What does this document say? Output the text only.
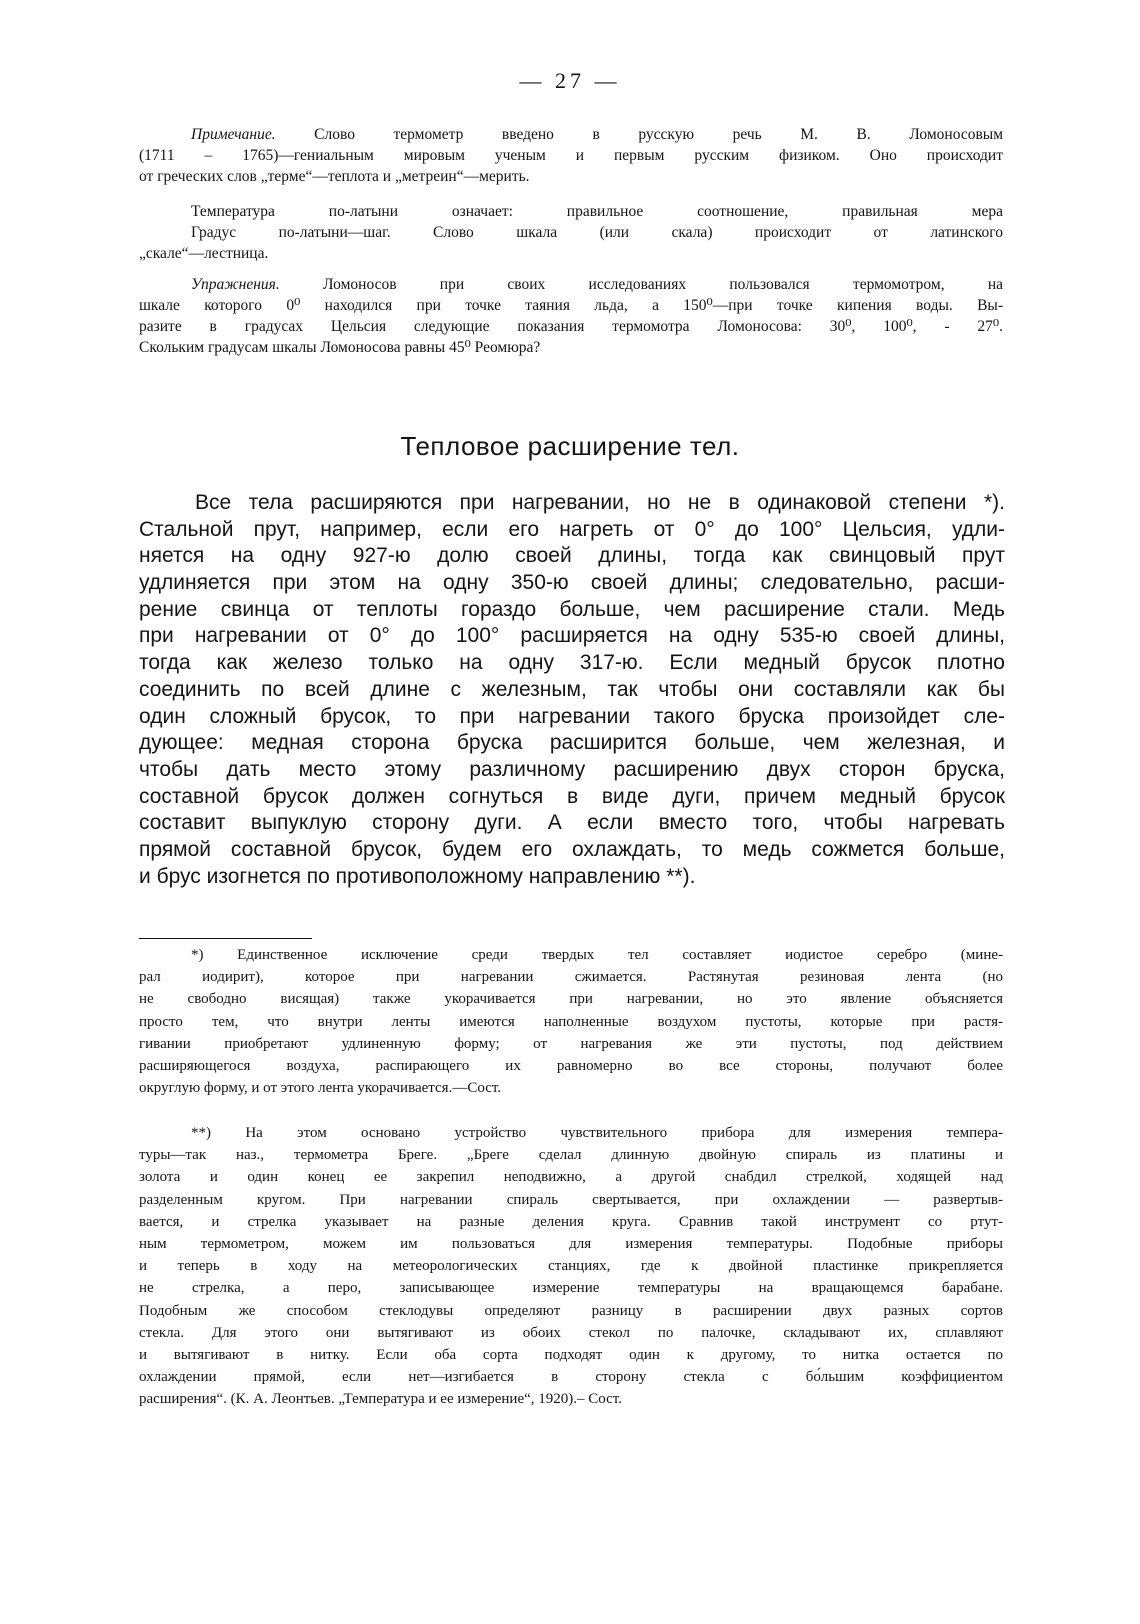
— 27 —
Примечание. Слово термометр введено в русскую речь М. В. Ломоносовым
(1711 – 1765)—гениальным мировым ученым и первым русским физиком. Оно происходит
от греческих слов „терме“—теплота и „метреин“—мерить.
Температура по-латыни означает: правильное соотношение, правильная мера
Градус по-латыни—шаг. Слово шкала (или скала) происходит от латинского
„скале“—лестница.
Упражнения.	Ломоносов при своих исследованиях пользовался термомотром, на
шкале которого 0⁰ находился при точке таяния льда, а 150⁰—при точке кипения воды. Вы-
разите в градусах Цельсия следующие показания термомотра Ломоносова: 30⁰, 100⁰, - 27⁰.
Скольким градусам шкалы Ломоносова равны 45⁰ Реомюра?
Тепловое расширение тел.
Все тела расширяются при нагревании, но не в одинаковой степени *).
Стальной прут, например, если его нагреть от 0° до 100° Цельсия, удли-
няется на одну 927-ю долю своей длины, тогда как свинцовый прут
удлиняется при этом на одну 350-ю своей длины; следовательно, расши-
рение свинца от теплоты гораздо больше, чем расширение стали. Медь
при нагревании от 0° до 100° расширяется на одну 535-ю своей длины,
тогда как железо только на одну 317-ю. Если медный брусок плотно
соединить по всей длине с железным, так чтобы они составляли как бы
один сложный брусок, то при нагревании такого бруска произойдет сле-
дующее: медная сторона бруска расширится больше, чем железная, и
чтобы дать место этому различному расширению двух сторон бруска,
составной брусок должен согнуться в виде дуги, причем медный брусок
составит выпуклую сторону дуги. А если вместо того, чтобы нагревать
прямой составной брусок, будем его охлаждать, то медь сожмется больше,
и брус изогнется по противоположному направлению **).
*) Единственное исключение среди твердых тел составляет иодистое серебро (мине-
рал иодирит), которое при нагревании сжимается. Растянутая резиновая лента (но
не свободно висящая) также укорачивается при нагревании, но это явление объясняется
просто тем, что внутри ленты имеются наполненные воздухом пустоты, которые при растя-
гивании приобретают удлиненную форму; от нагревания же эти пустоты, под действием
расширяющегося воздуха, распирающего их равномерно во все стороны, получают более
округлую форму, и от этого лента укорачивается.—Сост.
**) На этом основано устройство чувствительного прибора для измерения темпера-
туры—так наз., термометра Бреге. „Бреге сделал длинную двойную спираль из платины и
золота и один конец ее закрепил неподвижно, а другой снабдил стрелкой, ходящей над
разделенным кругом. При нагревании спираль свертывается, при охлаждении — развертыв-
вается, и стрелка указывает на разные деления круга. Сравнив такой инструмент со ртут-
ным термометром, можем им пользоваться для измерения температуры. Подобные приборы
и теперь в ходу на метеорологических станциях, где к двойной пластинке прикрепляется
не стрелка, а перо, записывающее измерение температуры на вращающемся барабане.
Подобным же способом стеклодувы определяют разницу в расширении двух разных сортов
стекла. Для этого они вытягивают из обоих стекол по палочке, складывают их, сплавляют
и вытягивают в нитку. Если оба сорта подходят один к другому, то нитка остается по
охлаждении прямой, если нет—изгибается в сторону стекла с бо́льшим коэффициентом
расширения“. (К. А. Леонтьев. „Температура и ее измерение“, 1920).– Сост.
